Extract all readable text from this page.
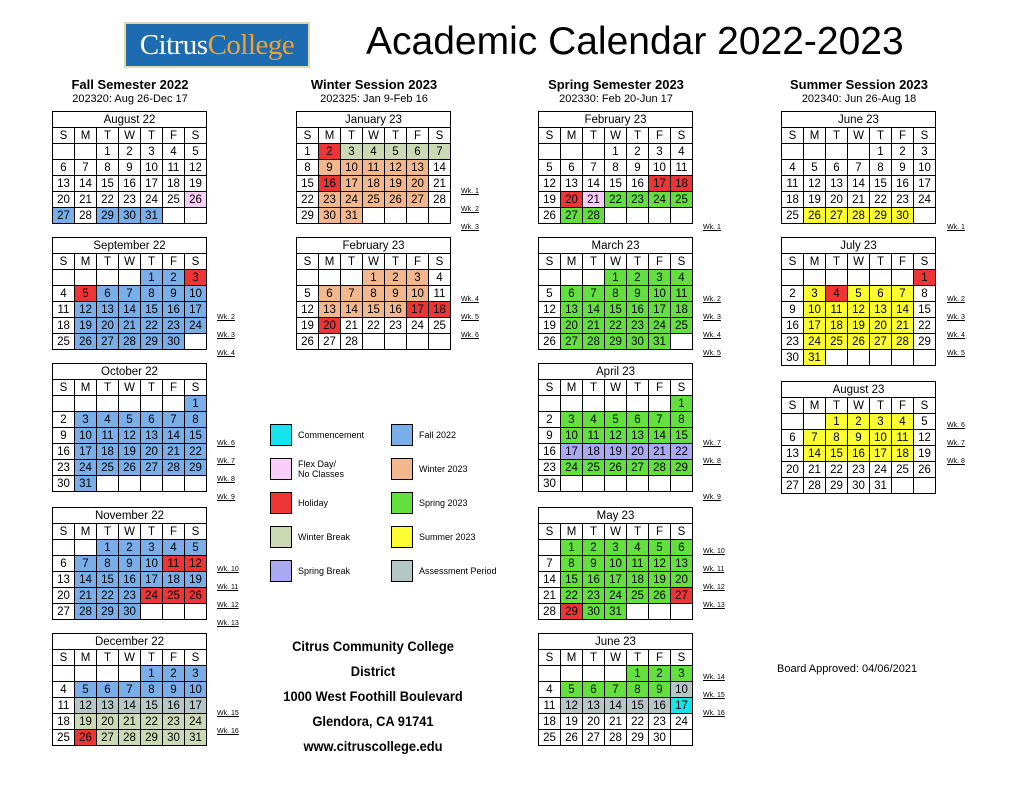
Citrus College Academic Calendar 2022-2023
Fall Semester 2022
202320: Aug 26-Dec 17
Winter Session 2023
202325: Jan 9-Feb 16
Spring Semester 2023
202330: Feb 20-Jun 17
Summer Session 2023
202340: Jun 26-Aug 18
August 22						
S	M	T	W	T	F	S
		1	2	3	4	5
6	7	8	9	10	11	12
13	14	15	16	17	18	19
20	21	22	23	24	25	26
27	28	29	30	31		
Wk. 2
Wk. 3
Wk. 4
September 22						
S	M	T	W	T	F	S
				1	2	3
4	5	6	7	8	9	10
11	12	13	14	15	16	17
18	19	20	21	22	23	24
25	26	27	28	29	30	
Wk. 6
Wk. 7
Wk. 8
Wk. 9
October 22						
S	M	T	W	T	F	S
						1
2	3	4	5	6	7	8
9	10	11	12	13	14	15
16	17	18	19	20	21	22
23	24	25	26	27	28	29
30	31					
Wk. 10
Wk. 11
Wk. 12
Wk. 13
November 22						
S	M	T	W	T	F	S
		1	2	3	4	5
6	7	8	9	10	11	12
13	14	15	16	17	18	19
20	21	22	23	24	25	26
27	28	29	30			
Wk. 15
Wk. 16
December 22						
S	M	T	W	T	F	S
				1	2	3
4	5	6	7	8	9	10
11	12	13	14	15	16	17
18	19	20	21	22	23	24
25	26	27	28	29	30	31
Wk. 1
Wk. 2
Wk. 3
January 23						
S	M	T	W	T	F	S
1	2	3	4	5	6	7
8	9	10	11	12	13	14
15	16	17	18	19	20	21
22	23	24	25	26	27	28
29	30	31				
Wk. 4
Wk. 5
Wk. 6
February 23						
S	M	T	W	T	F	S
			1	2	3	4
5	6	7	8	9	10	11
12	13	14	15	16	17	18
19	20	21	22	23	24	25
26	27	28				
Wk. 1
February 23						
S	M	T	W	T	F	S
			1	2	3	4
5	6	7	8	9	10	11
12	13	14	15	16	17	18
19	20	21	22	23	24	25
26	27	28				
Wk. 2
Wk. 3
Wk. 4
Wk. 5
March 23						
S	M	T	W	T	F	S
			1	2	3	4
5	6	7	8	9	10	11
12	13	14	15	16	17	18
19	20	21	22	23	24	25
26	27	28	29	30	31	
Wk. 7
Wk. 8
Wk. 9
April 23						
S	M	T	W	T	F	S
						1
2	3	4	5	6	7	8
9	10	11	12	13	14	15
16	17	18	19	20	21	22
23	24	25	26	27	28	29
30						
Wk. 10
Wk. 11
Wk. 12
Wk. 13
May 23						
S	M	T	W	T	F	S
	1	2	3	4	5	6
7	8	9	10	11	12	13
14	15	16	17	18	19	20
21	22	23	24	25	26	27
28	29	30	31			
Wk. 14
Wk. 15
Wk. 16
June 23						
S	M	T	W	T	F	S
				1	2	3
4	5	6	7	8	9	10
11	12	13	14	15	16	17
18	19	20	21	22	23	24
25	26	27	28	29	30	
Wk. 1
June 23						
S	M	T	W	T	F	S
				1	2	3
4	5	6	7	8	9	10
11	12	13	14	15	16	17
18	19	20	21	22	23	24
25	26	27	28	29	30	
Wk. 2
Wk. 3
Wk. 4
Wk. 5
July 23						
S	M	T	W	T	F	S
						1
2	3	4	5	6	7	8
9	10	11	12	13	14	15
16	17	18	19	20	21	22
23	24	25	26	27	28	29
30	31					
Wk. 6
Wk. 7
Wk. 8
August 23						
S	M	T	W	T	F	S
		1	2	3	4	5
6	7	8	9	10	11	12
13	14	15	16	17	18	19
20	21	22	23	24	25	26
27	28	29	30	31		
Commencement	Fall 2022
Flex Day/
No Classes	Winter 2023
Holiday	Spring 2023
Winter Break	Summer 2023
Spring Break	Assessment Period
Citrus Community College District
1000 West Foothill Boulevard
Glendora, CA 91741
www.citruscollege.edu
Board Approved: 04/06/2021
